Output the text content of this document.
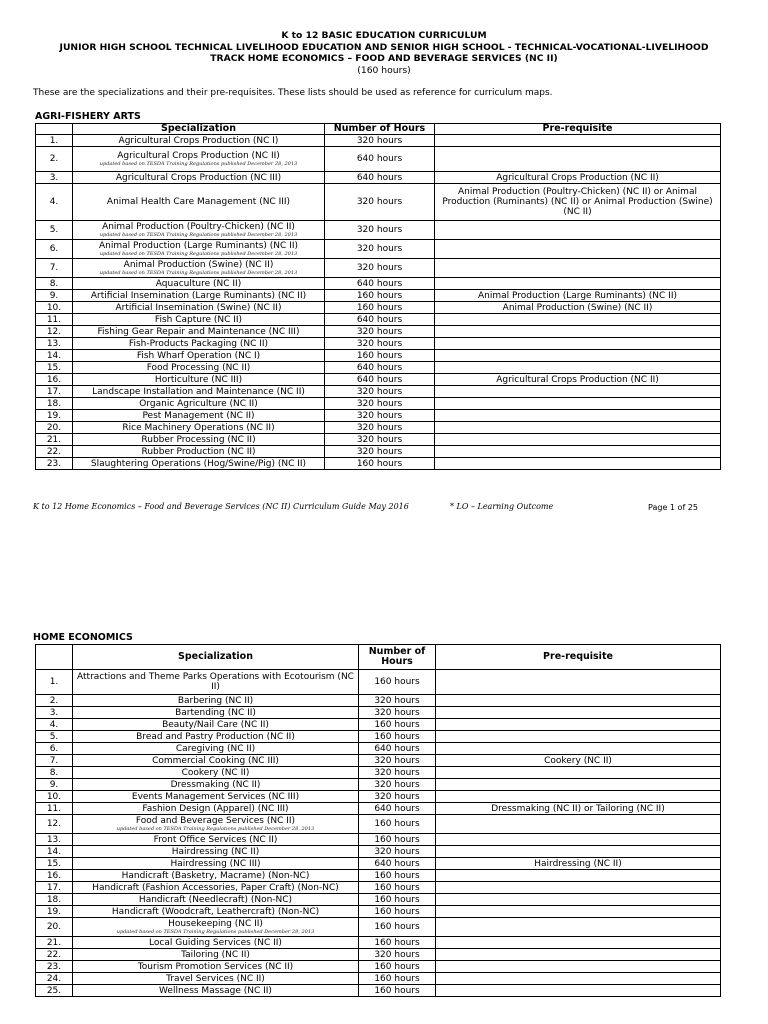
K to 12 BASIC EDUCATION CURRICULUM
JUNIOR HIGH SCHOOL TECHNICAL LIVELIHOOD EDUCATION AND SENIOR HIGH SCHOOL - TECHNICAL-VOCATIONAL-LIVELIHOOD
TRACK HOME ECONOMICS – FOOD AND BEVERAGE SERVICES (NC II)
(160 hours)
These are the specializations and their pre-requisites. These lists should be used as reference for curriculum maps.
AGRI-FISHERY ARTS
	Specialization	Number of Hours	Pre-requisite
1.	Agricultural Crops Production (NC I)	320 hours	
2.	Agricultural Crops Production (NC II)
updated based on TESDA Training Regulations published December 28, 2013	640 hours	
3.	Agricultural Crops Production (NC III)	640 hours	Agricultural Crops Production (NC II)
4.	Animal Health Care Management (NC III)	320 hours	Animal Production (Poultry-Chicken) (NC II) or Animal Production (Ruminants) (NC II) or Animal Production (Swine) (NC II)
5.	Animal Production (Poultry-Chicken) (NC II)
updated based on TESDA Training Regulations published December 28, 2013	320 hours	
6.	Animal Production (Large Ruminants) (NC II)
updated based on TESDA Training Regulations published December 28, 2013	320 hours	
7.	Animal Production (Swine) (NC II)
updated based on TESDA Training Regulations published December 28, 2013	320 hours	
8.	Aquaculture (NC II)	640 hours	
9.	Artificial Insemination (Large Ruminants) (NC II)	160 hours	Animal Production (Large Ruminants) (NC II)
10.	Artificial Insemination (Swine) (NC II)	160 hours	Animal Production (Swine) (NC II)
11.	Fish Capture (NC II)	640 hours	
12.	Fishing Gear Repair and Maintenance (NC III)	320 hours	
13.	Fish-Products Packaging (NC II)	320 hours	
14.	Fish Wharf Operation (NC I)	160 hours	
15.	Food Processing (NC II)	640 hours	
16.	Horticulture (NC III)	640 hours	Agricultural Crops Production (NC II)
17.	Landscape Installation and Maintenance (NC II)	320 hours	
18.	Organic Agriculture (NC II)	320 hours	
19.	Pest Management (NC II)	320 hours	
20.	Rice Machinery Operations (NC II)	320 hours	
21.	Rubber Processing (NC II)	320 hours	
22.	Rubber Production (NC II)	320 hours	
23.	Slaughtering Operations (Hog/Swine/Pig) (NC II)	160 hours	
K to 12 Home Economics – Food and Beverage Services (NC II) Curriculum Guide May 2016	* LO – Learning Outcome	Page 1 of 25
HOME ECONOMICS
	Specialization	Number of Hours	Pre-requisite
1.	Attractions and Theme Parks Operations with Ecotourism (NC II)	160 hours	
2.	Barbering (NC II)	320 hours	
3.	Bartending (NC II)	320 hours	
4.	Beauty/Nail Care (NC II)	160 hours	
5.	Bread and Pastry Production (NC II)	160 hours	
6.	Caregiving (NC II)	640 hours	
7.	Commercial Cooking (NC III)	320 hours	Cookery (NC II)
8.	Cookery (NC II)	320 hours	
9.	Dressmaking (NC II)	320 hours	
10.	Events Management Services (NC III)	320 hours	
11.	Fashion Design (Apparel) (NC III)	640 hours	Dressmaking (NC II) or Tailoring (NC II)
12.	Food and Beverage Services (NC II)
updated based on TESDA Training Regulations published December 28, 2013	160 hours	
13.	Front Office Services (NC II)	160 hours	
14.	Hairdressing (NC II)	320 hours	
15.	Hairdressing (NC III)	640 hours	Hairdressing (NC II)
16.	Handicraft (Basketry, Macrame) (Non-NC)	160 hours	
17.	Handicraft (Fashion Accessories, Paper Craft) (Non-NC)	160 hours	
18.	Handicraft (Needlecraft) (Non-NC)	160 hours	
19.	Handicraft (Woodcraft, Leathercraft) (Non-NC)	160 hours	
20.	Housekeeping (NC II)
updated based on TESDA Training Regulations published December 28, 2013	160 hours	
21.	Local Guiding Services (NC II)	160 hours	
22.	Tailoring (NC II)	320 hours	
23.	Tourism Promotion Services (NC II)	160 hours	
24.	Travel Services (NC II)	160 hours	
25.	Wellness Massage (NC II)	160 hours	
